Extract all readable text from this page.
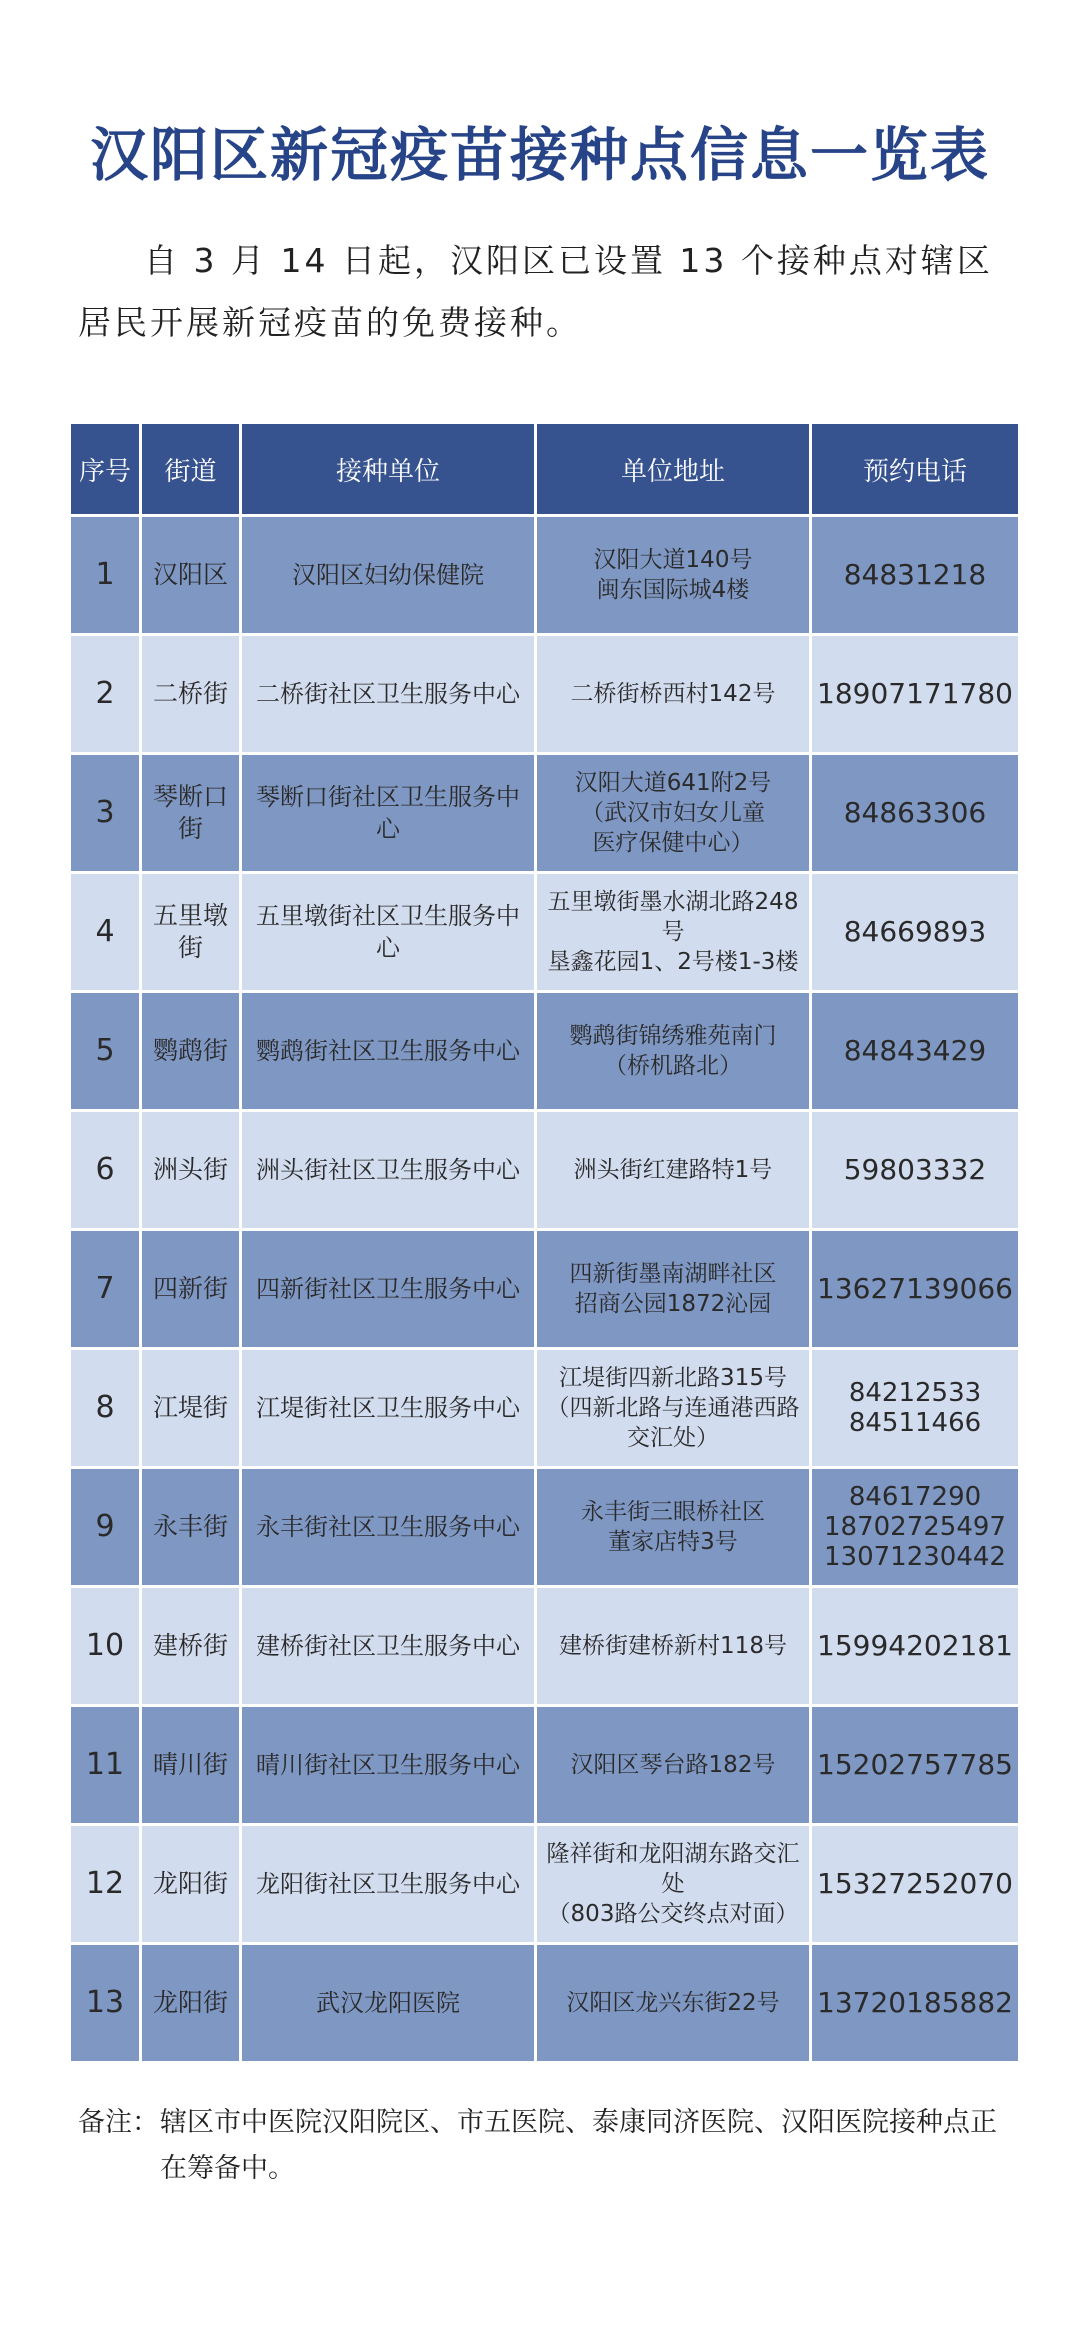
汉阳区新冠疫苗接种点信息一览表
自 3 月 14 日起，汉阳区已设置 13 个接种点对辖区居民开展新冠疫苗的免费接种。
序号	街道	接种单位	单位地址	预约电话
1	汉阳区	汉阳区妇幼保健院	汉阳大道140号
闽东国际城4楼	84831218

2	二桥街	二桥街社区卫生服务中心	二桥街桥西村142号	18907171780

3	琴断口街	琴断口街社区卫生服务中心	汉阳大道641附2号
（武汉市妇女儿童
医疗保健中心）	84863306

4	五里墩街	五里墩街社区卫生服务中心	五里墩街墨水湖北路248号
垦鑫花园1、2号楼1-3楼	84669893

5	鹦鹉街	鹦鹉街社区卫生服务中心	鹦鹉街锦绣雅苑南门
（桥机路北）	84843429

6	洲头街	洲头街社区卫生服务中心	洲头街红建路特1号	59803332

7	四新街	四新街社区卫生服务中心	四新街墨南湖畔社区
招商公园1872沁园	13627139066

8	江堤街	江堤街社区卫生服务中心	江堤街四新北路315号
（四新北路与连通港西路交汇处）	84212533
84511466

9	永丰街	永丰街社区卫生服务中心	永丰街三眼桥社区
董家店特3号	84617290
18702725497
13071230442

10	建桥街	建桥街社区卫生服务中心	建桥街建桥新村118号	15994202181

11	晴川街	晴川街社区卫生服务中心	汉阳区琴台路182号	15202757785

12	龙阳街	龙阳街社区卫生服务中心	隆祥街和龙阳湖东路交汇处
（803路公交终点对面）	15327252070

13	龙阳街	武汉龙阳医院	汉阳区龙兴东街22号	13720185882
备注： 辖区市中医院汉阳院区、市五医院、泰康同济医院、汉阳医院接种点正在筹备中。
